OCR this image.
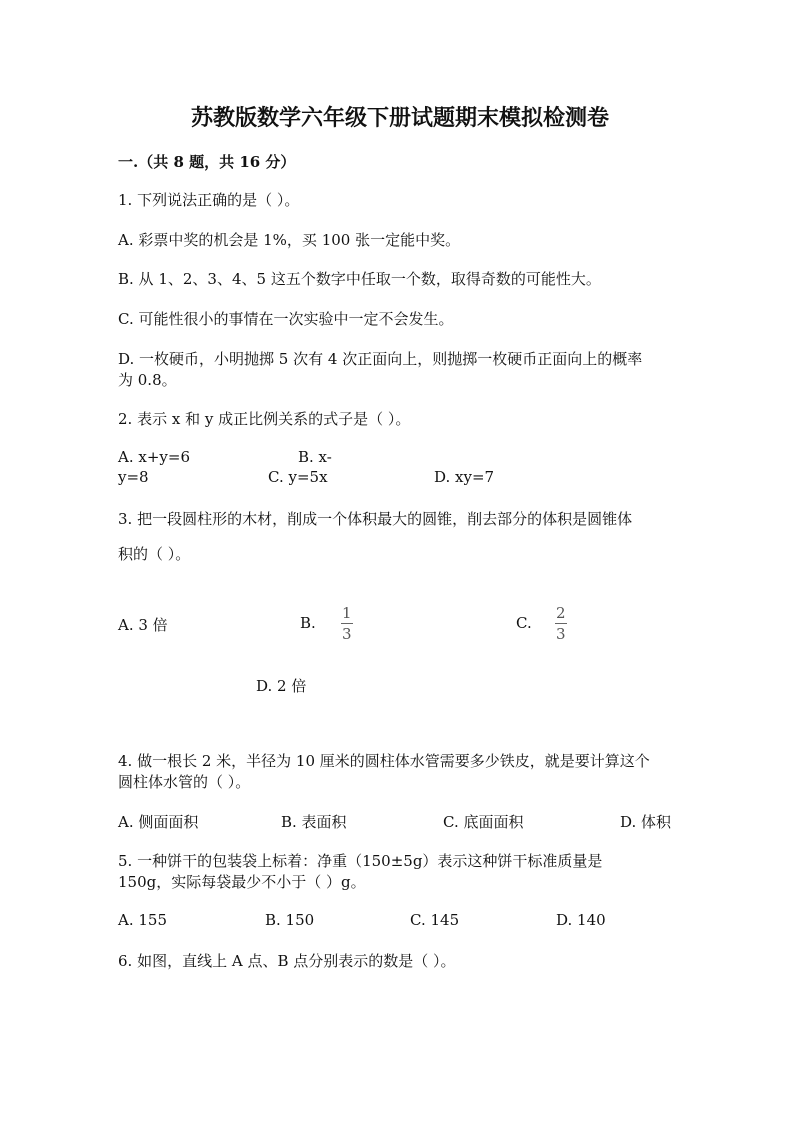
苏教版数学六年级下册试题期末模拟检测卷
一.（共 8 题，共 16 分）
1. 下列说法正确的是（ ）。
A. 彩票中奖的机会是 1%，买 100 张一定能中奖。
B. 从 1、2、3、4、5 这五个数字中任取一个数，取得奇数的可能性大。
C. 可能性很小的事情在一次实验中一定不会发生。
D. 一枚硬币，小明抛掷 5 次有 4 次正面向上，则抛掷一枚硬币正面向上的概率
为 0.8。
2. 表示 x 和 y 成正比例关系的式子是（ ）。
A. x+y=6	B. x-
y=8	C. y=5x	D. xy=7
3. 把一段圆柱形的木材，削成一个体积最大的圆锥，削去部分的体积是圆锥体
积的（ ）。
A. 3 倍	B.
1
3
C.
2
3
D. 2 倍
4. 做一根长 2 米，半径为 10 厘米的圆柱体水管需要多少铁皮，就是要计算这个
圆柱体水管的（ ）。
A. 侧面面积	B. 表面积	C. 底面面积	D. 体积
5. 一种饼干的包装袋上标着：净重（150±5g）表示这种饼干标准质量是
150g，实际每袋最少不小于（ ）g。
A. 155	B. 150	C. 145	D. 140
6. 如图，直线上 A 点、B 点分别表示的数是（ ）。
